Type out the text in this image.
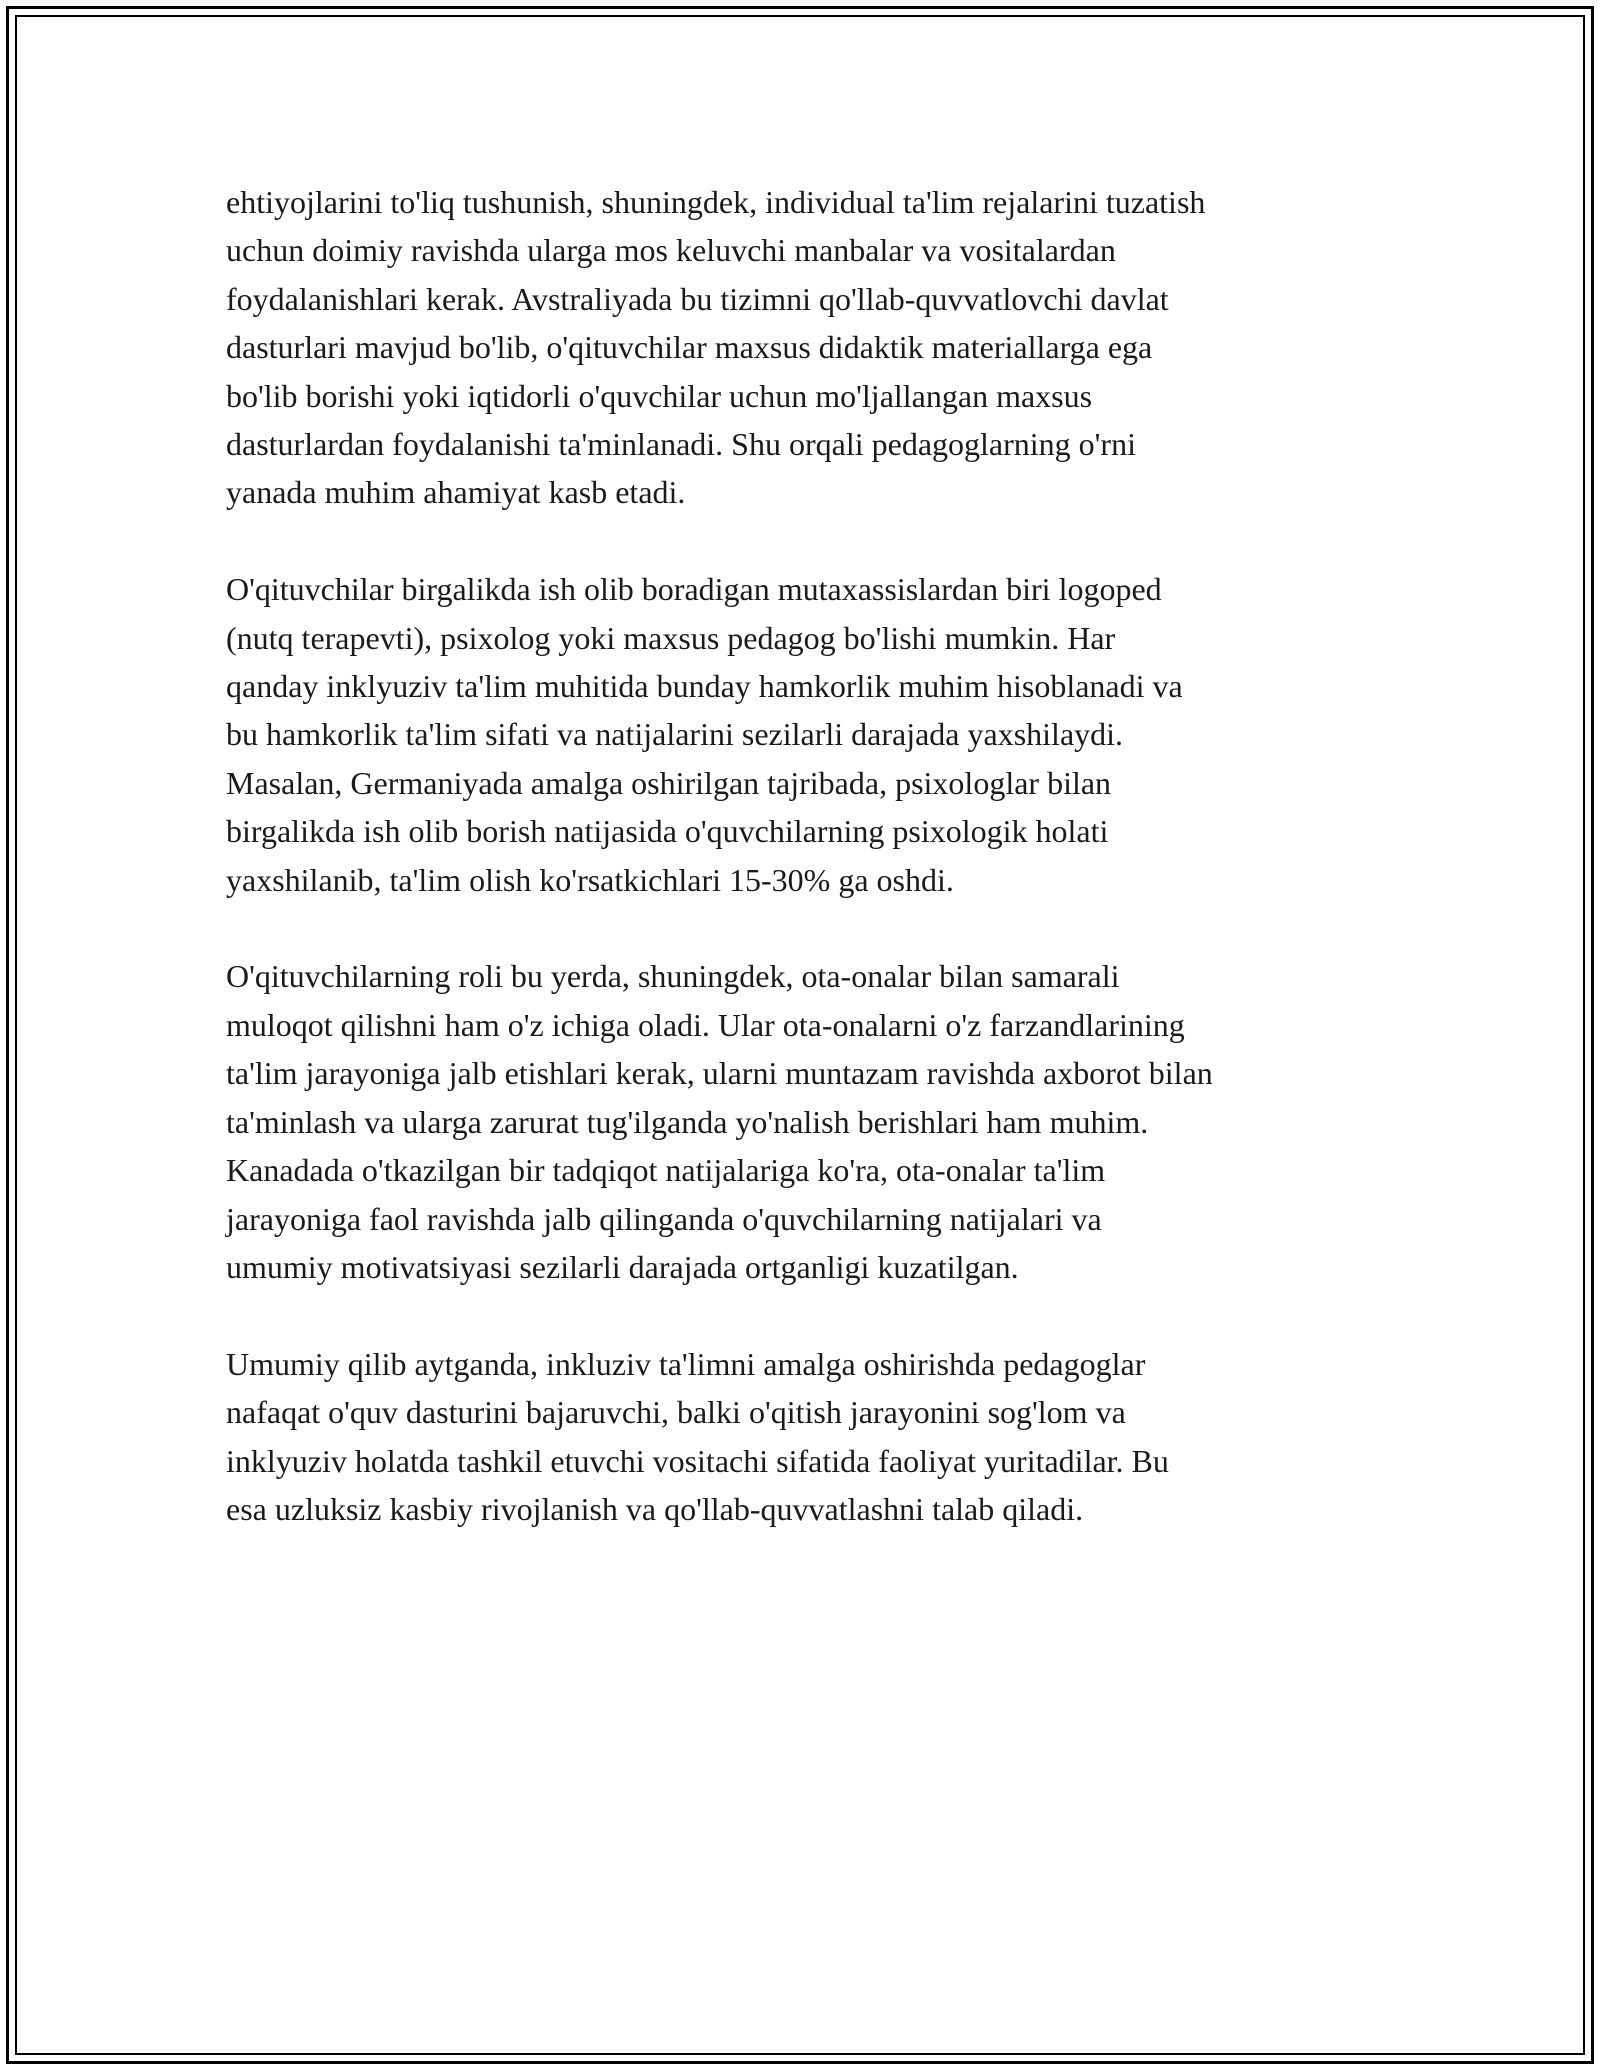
ehtiyojlarini to'liq tushunish, shuningdek, individual ta'lim rejalarini tuzatish
uchun doimiy ravishda ularga mos keluvchi manbalar va vositalardan
foydalanishlari kerak. Avstraliyada bu tizimni qo'llab-quvvatlovchi davlat
dasturlari mavjud bo'lib, o'qituvchilar maxsus didaktik materiallarga ega
bo'lib borishi yoki iqtidorli o'quvchilar uchun mo'ljallangan maxsus
dasturlardan foydalanishi ta'minlanadi. Shu orqali pedagoglarning o'rni
yanada muhim ahamiyat kasb etadi.

O'qituvchilar birgalikda ish olib boradigan mutaxassislardan biri logoped
(nutq terapevti), psixolog yoki maxsus pedagog bo'lishi mumkin. Har
qanday inklyuziv ta'lim muhitida bunday hamkorlik muhim hisoblanadi va
bu hamkorlik ta'lim sifati va natijalarini sezilarli darajada yaxshilaydi.
Masalan, Germaniyada amalga oshirilgan tajribada, psixologlar bilan
birgalikda ish olib borish natijasida o'quvchilarning psixologik holati
yaxshilanib, ta'lim olish ko'rsatkichlari 15-30% ga oshdi.

O'qituvchilarning roli bu yerda, shuningdek, ota-onalar bilan samarali
muloqot qilishni ham o'z ichiga oladi. Ular ota-onalarni o'z farzandlarining
ta'lim jarayoniga jalb etishlari kerak, ularni muntazam ravishda axborot bilan
ta'minlash va ularga zarurat tug'ilganda yo'nalish berishlari ham muhim.
Kanadada o'tkazilgan bir tadqiqot natijalariga ko'ra, ota-onalar ta'lim
jarayoniga faol ravishda jalb qilinganda o'quvchilarning natijalari va
umumiy motivatsiyasi sezilarli darajada ortganligi kuzatilgan.

Umumiy qilib aytganda, inkluziv ta'limni amalga oshirishda pedagoglar
nafaqat o'quv dasturini bajaruvchi, balki o'qitish jarayonini sog'lom va
inklyuziv holatda tashkil etuvchi vositachi sifatida faoliyat yuritadilar. Bu
esa uzluksiz kasbiy rivojlanish va qo'llab-quvvatlashni talab qiladi.
